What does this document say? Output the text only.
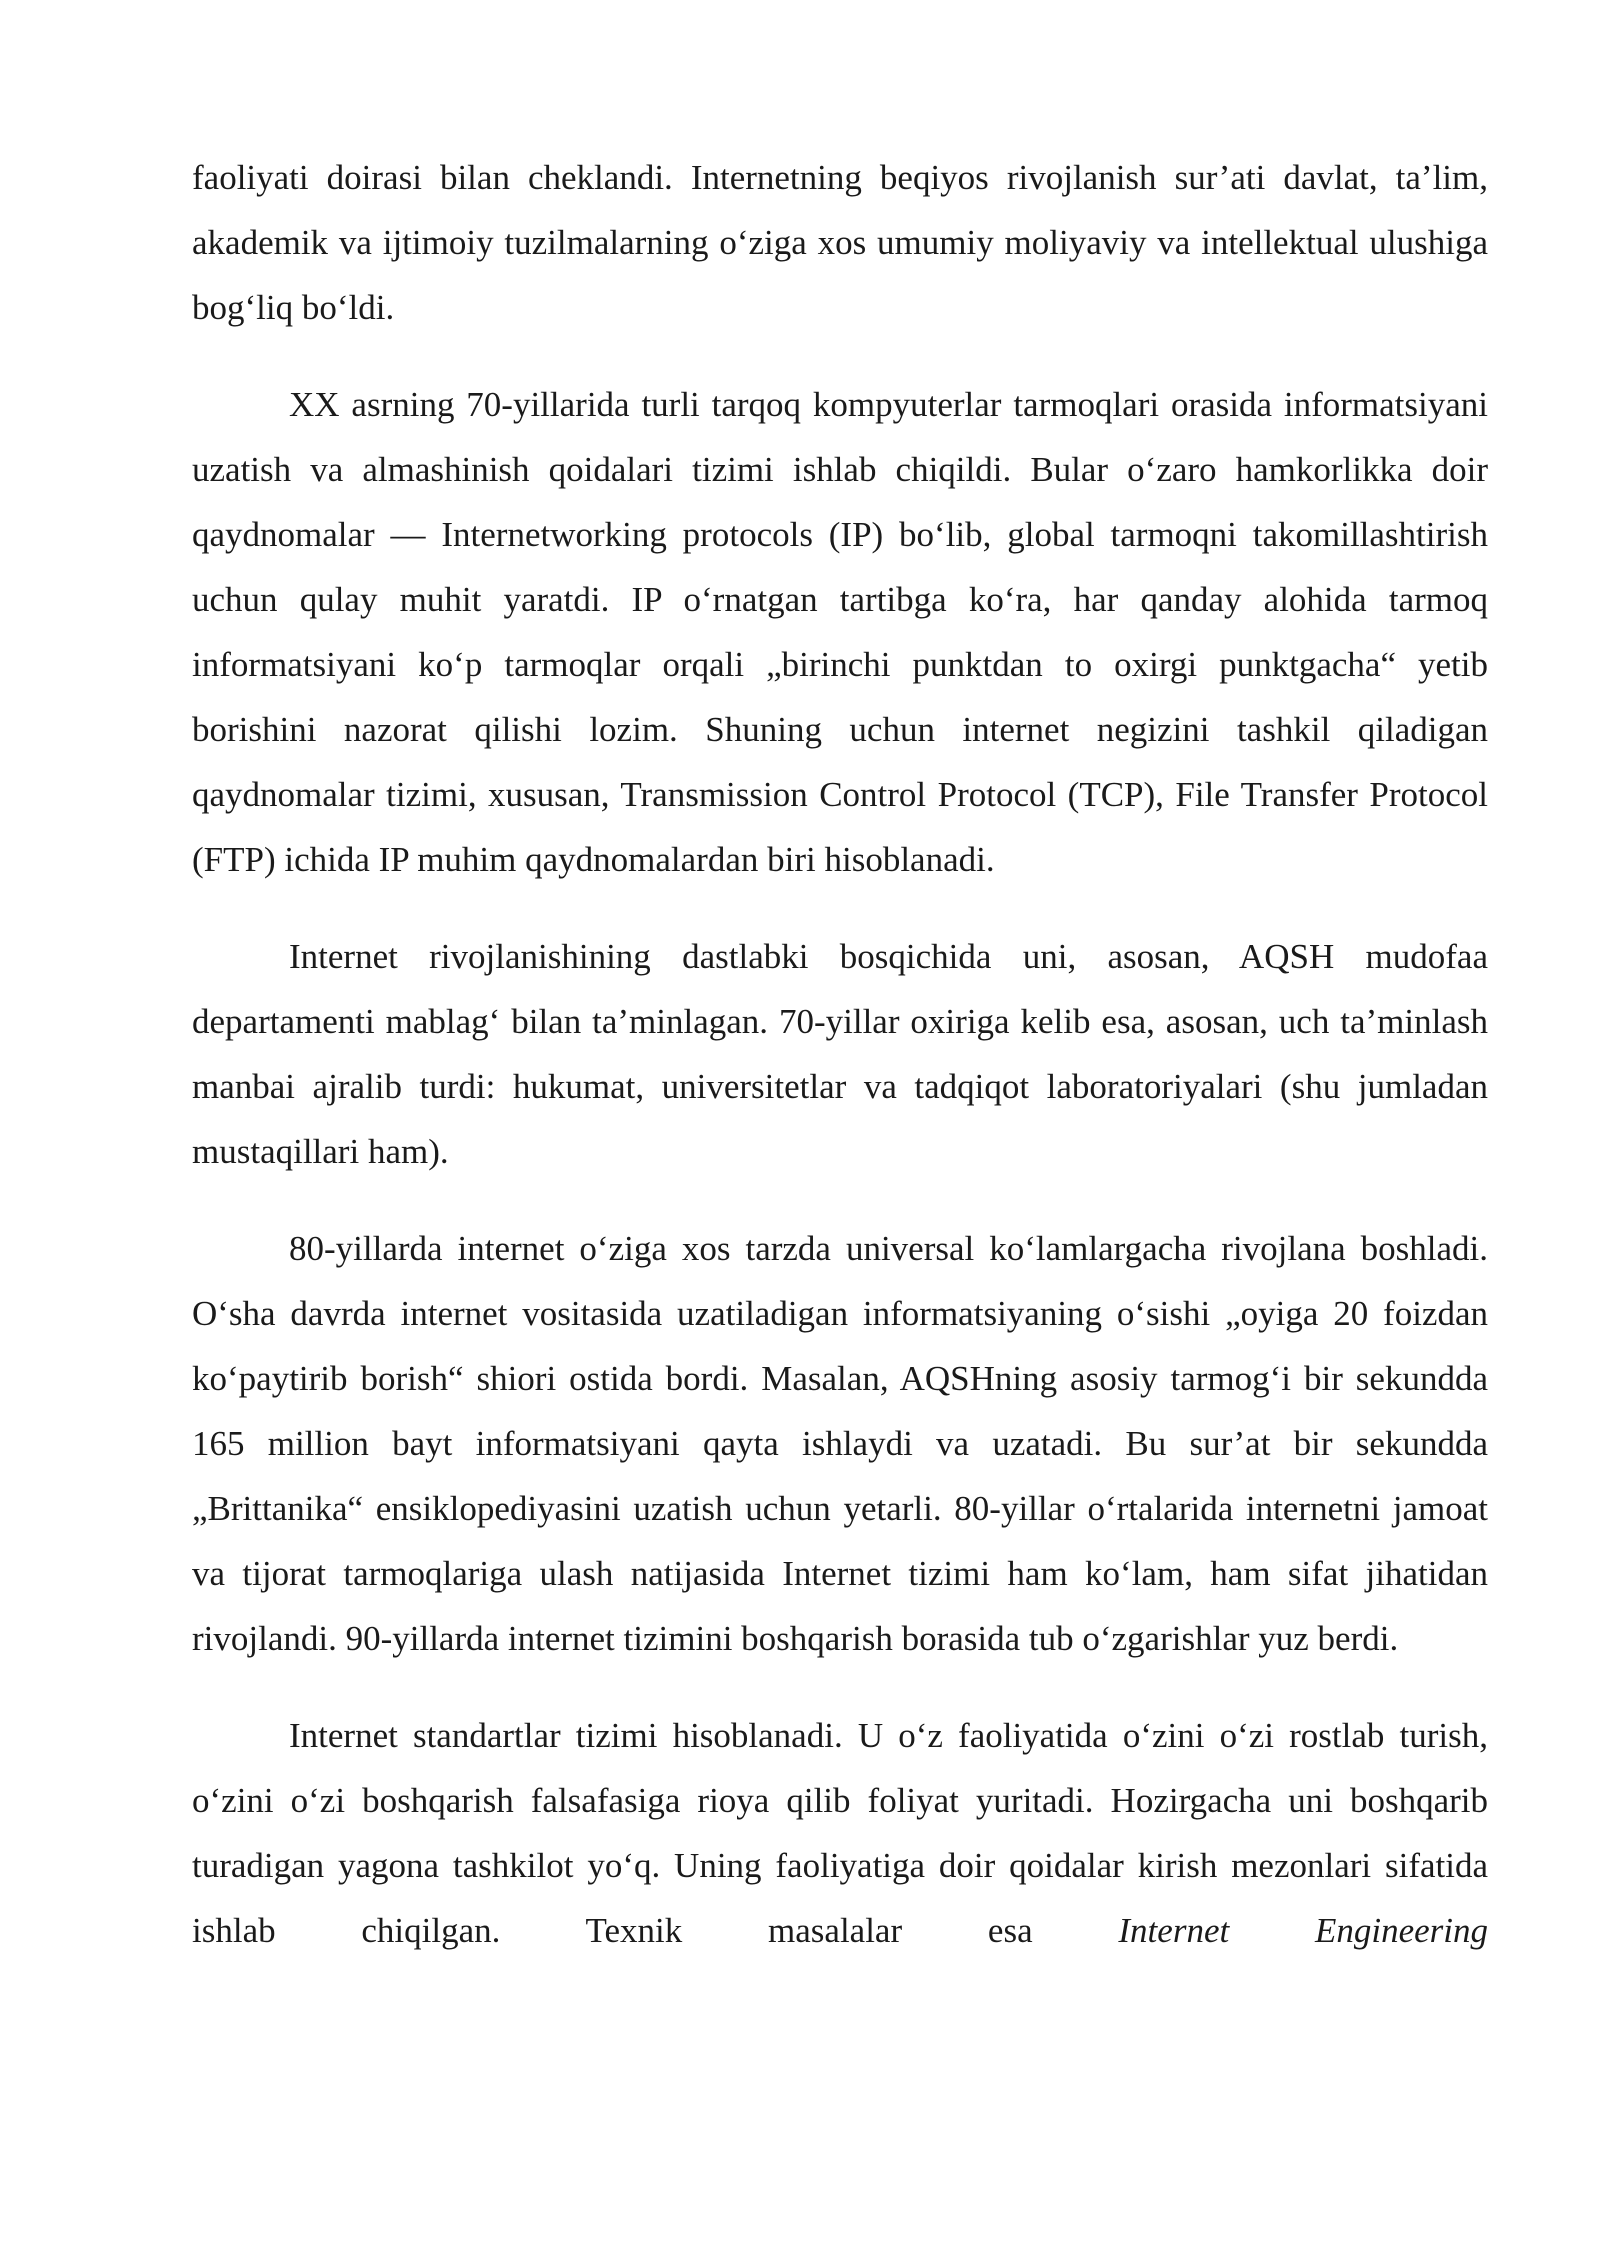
faoliyati doirasi bilan cheklandi. Internetning beqiyos rivojlanish sur’ati davlat, ta’lim, akademik va ijtimoiy tuzilmalarning o‘ziga xos umumiy moliyaviy va intellektual ulushiga bog‘liq bo‘ldi.

XX asrning 70-yillarida turli tarqoq kompyuterlar tarmoqlari orasida informatsiyani uzatish va almashinish qoidalari tizimi ishlab chiqildi. Bular o‘zaro hamkorlikka doir qaydnomalar — Internetworking protocols (IP) bo‘lib, global tarmoqni takomillashtirish uchun qulay muhit yaratdi. IP o‘rnatgan tartibga ko‘ra, har qanday alohida tarmoq informatsiyani ko‘p tarmoqlar orqali „birinchi punktdan to oxirgi punktgacha“ yetib borishini nazorat qilishi lozim. Shuning uchun internet negizini tashkil qiladigan qaydnomalar tizimi, xususan, Transmission Control Protocol (TCP), File Transfer Protocol (FTP) ichida IP muhim qaydnomalardan biri hisoblanadi.

Internet rivojlanishining dastlabki bosqichida uni, asosan, AQSH mudofaa departamenti mablag‘ bilan ta’minlagan. 70-yillar oxiriga kelib esa, asosan, uch ta’minlash manbai ajralib turdi: hukumat, universitetlar va tadqiqot laboratoriyalari (shu jumladan mustaqillari ham).

80-yillarda internet o‘ziga xos tarzda universal ko‘lamlargacha rivojlana boshladi. O‘sha davrda internet vositasida uzatiladigan informatsiyaning o‘sishi „oyiga 20 foizdan ko‘paytirib borish“ shiori ostida bordi. Masalan, AQSHning asosiy tarmog‘i bir sekundda 165 million bayt informatsiyani qayta ishlaydi va uzatadi. Bu sur’at bir sekundda „Brittanika“ ensiklopediyasini uzatish uchun yetarli. 80-yillar o‘rtalarida internetni jamoat va tijorat tarmoqlariga ulash natijasida Internet tizimi ham ko‘lam, ham sifat jihatidan rivojlandi. 90-yillarda internet tizimini boshqarish borasida tub o‘zgarishlar yuz berdi.

Internet standartlar tizimi hisoblanadi. U o‘z faoliyatida o‘zini o‘zi rostlab turish, o‘zini o‘zi boshqarish falsafasiga rioya qilib foliyat yuritadi. Hozirgacha uni boshqarib turadigan yagona tashkilot yo‘q. Uning faoliyatiga doir qoidalar kirish mezonlari sifatida ishlab chiqilgan. Texnik masalalar esa Internet Engineering
